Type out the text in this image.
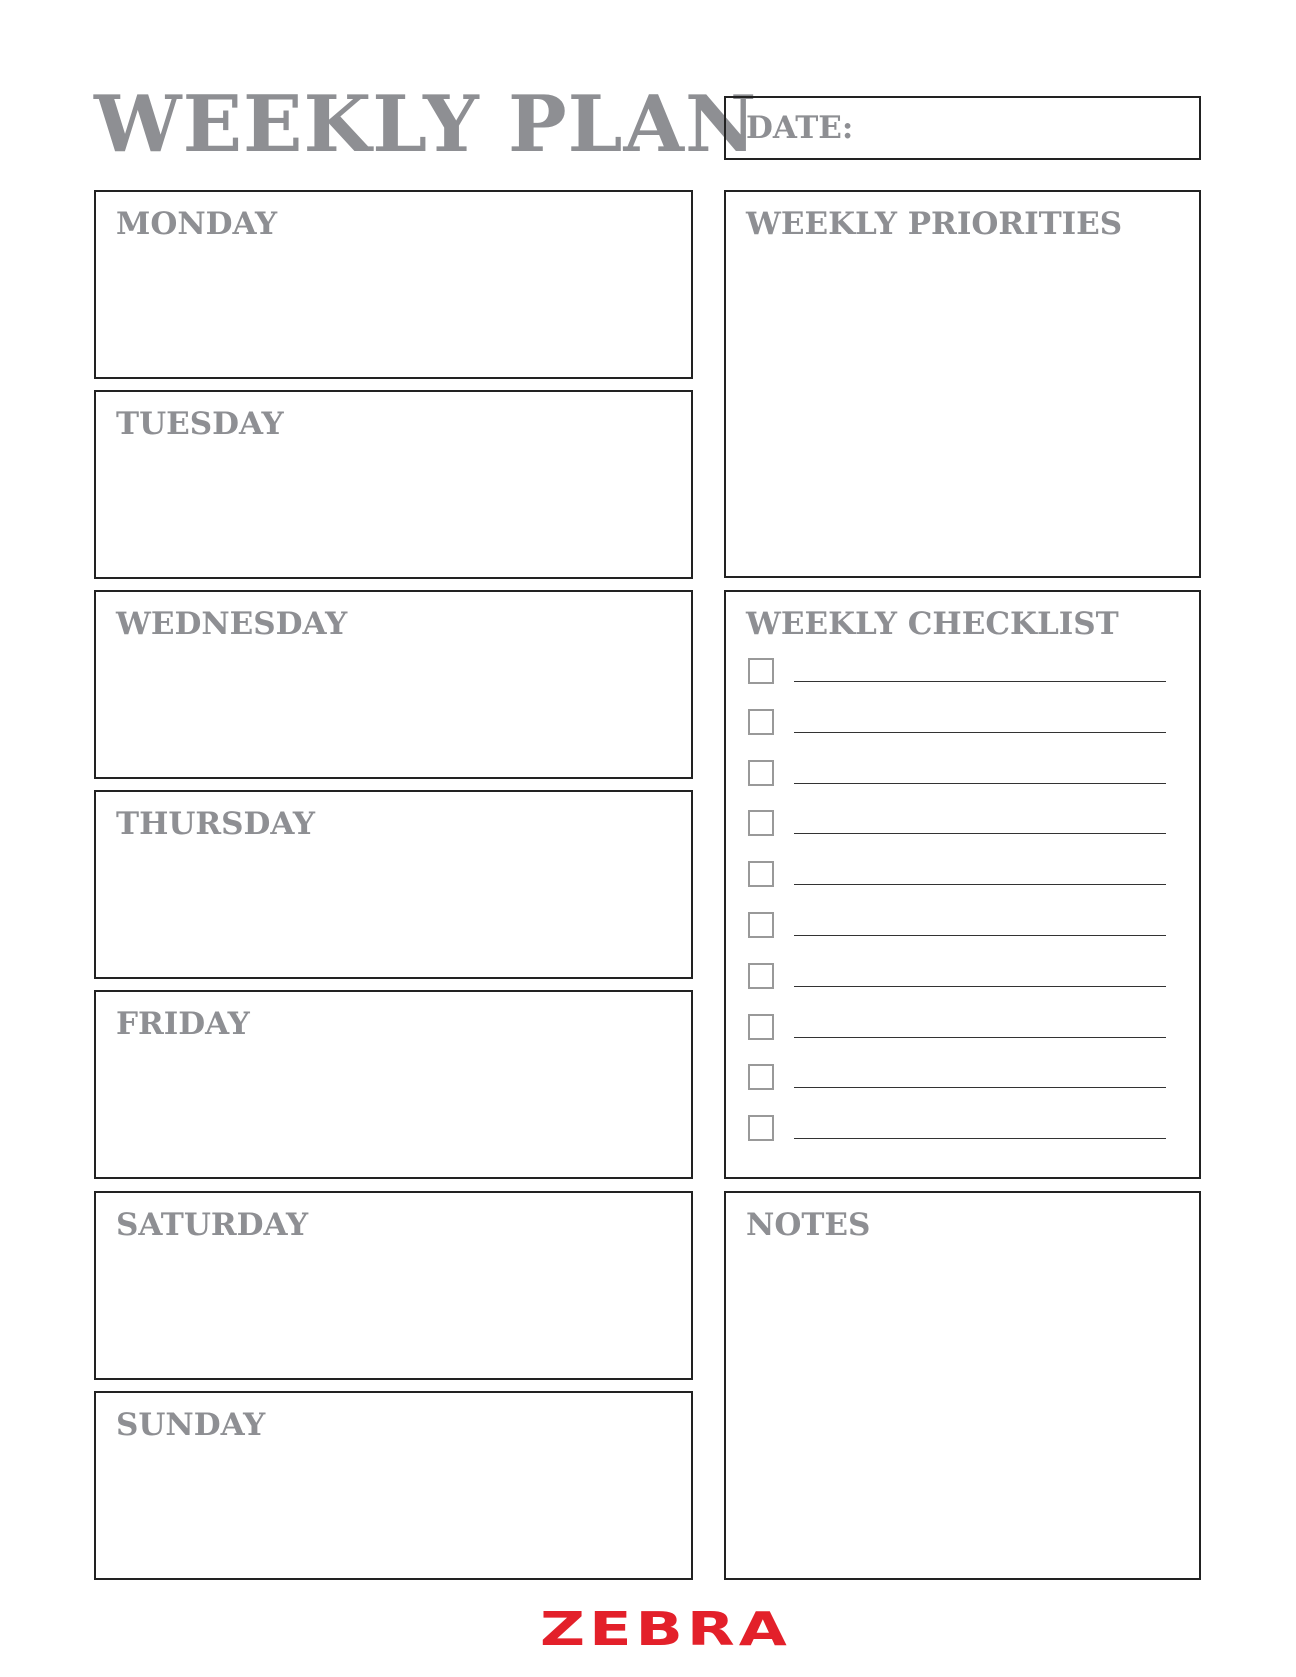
WEEKLY PLAN
DATE:
MONDAY
TUESDAY
WEDNESDAY
THURSDAY
FRIDAY
SATURDAY
SUNDAY
WEEKLY PRIORITIES
WEEKLY CHECKLIST
NOTES
ZEBRA
